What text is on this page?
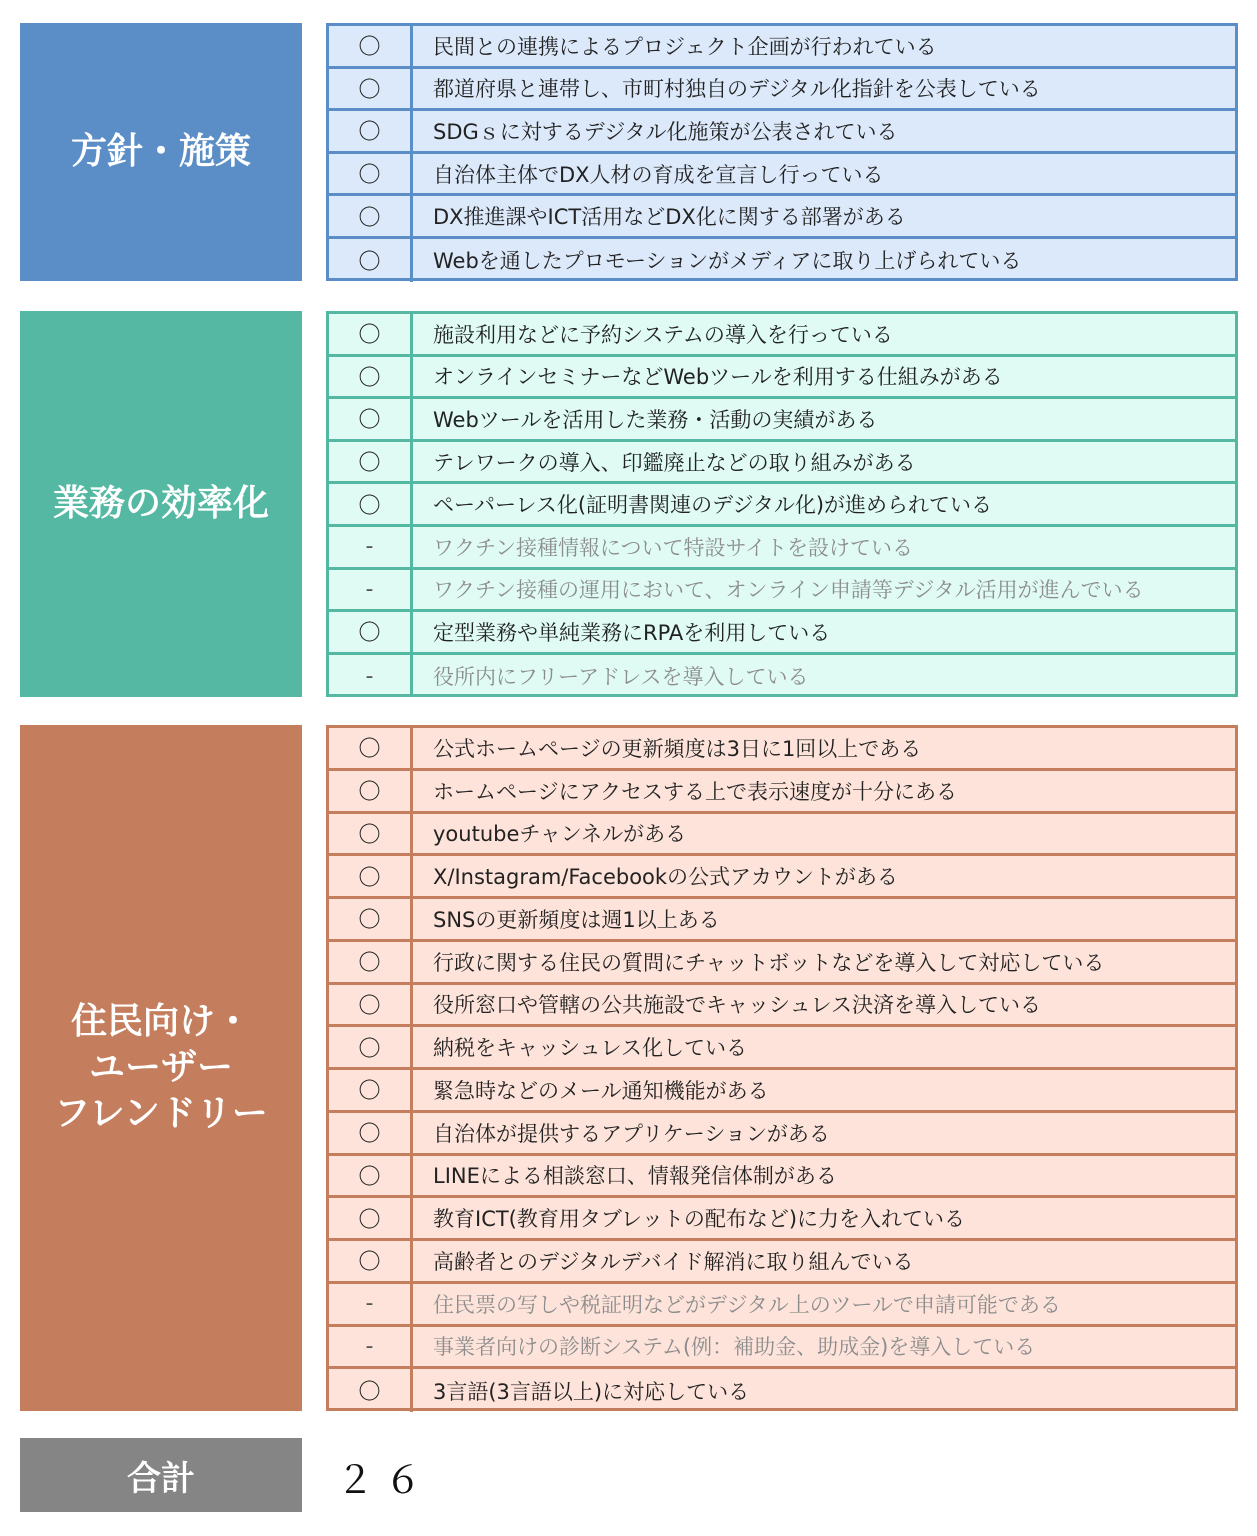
方針・施策
〇	民間との連携によるプロジェクト企画が行われている
〇	都道府県と連帯し、市町村独自のデジタル化指針を公表している
〇	SDGｓに対するデジタル化施策が公表されている
〇	自治体主体でDX人材の育成を宣言し行っている
〇	DX推進課やICT活用などDX化に関する部署がある
〇	Webを通したプロモーションがメディアに取り上げられている
業務の効率化
〇	施設利用などに予約システムの導入を行っている
〇	オンラインセミナーなどWebツールを利用する仕組みがある
〇	Webツールを活用した業務・活動の実績がある
〇	テレワークの導入、印鑑廃止などの取り組みがある
〇	ペーパーレス化(証明書関連のデジタル化)が進められている
-	ワクチン接種情報について特設サイトを設けている
-	ワクチン接種の運用において、オンライン申請等デジタル活用が進んでいる
〇	定型業務や単純業務にRPAを利用している
-	役所内にフリーアドレスを導入している
住民向け・
ユーザー
フレンドリー
〇	公式ホームページの更新頻度は3日に1回以上である
〇	ホームページにアクセスする上で表示速度が十分にある
〇	youtubeチャンネルがある
〇	X/Instagram/Facebookの公式アカウントがある
〇	SNSの更新頻度は週1以上ある
〇	行政に関する住民の質問にチャットボットなどを導入して対応している
〇	役所窓口や管轄の公共施設でキャッシュレス決済を導入している
〇	納税をキャッシュレス化している
〇	緊急時などのメール通知機能がある
〇	自治体が提供するアプリケーションがある
〇	LINEによる相談窓口、情報発信体制がある
〇	教育ICT(教育用タブレットの配布など)に力を入れている
〇	高齢者とのデジタルデバイド解消に取り組んでいる
-	住民票の写しや税証明などがデジタル上のツールで申請可能である
-	事業者向けの診断システム(例：補助金、助成金)を導入している
〇	3言語(3言語以上)に対応している
合計	２６
